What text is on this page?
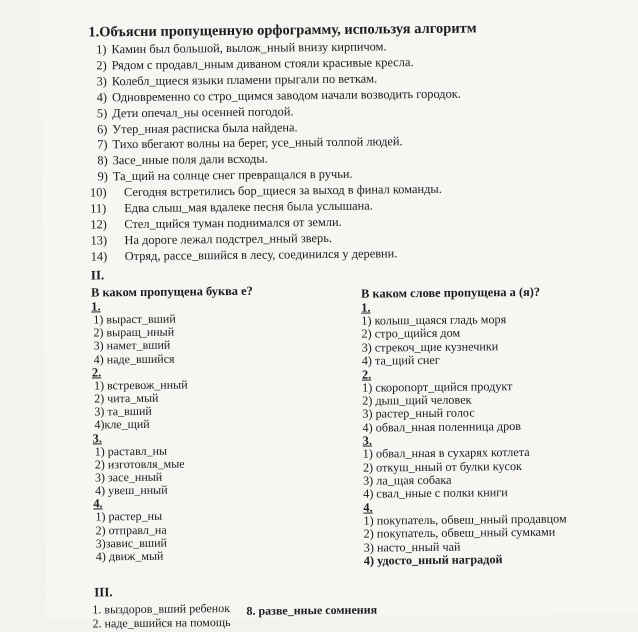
1.Объясни пропущенную орфограмму, используя алгоритм
1) Камин был большой, вылож_нный внизу кирпичом.
2) Рядом с продавл_нным диваном стояли красивые кресла.
3) Колебл_щиеся языки пламени прыгали по веткам.
4) Одновременно со стро_щимся заводом начали возводить городок.
5) Дети опечал_ны осенней погодой.
6) Утер_нная расписка была найдена.
7) Тихо вбегают волны на берег, усе_нный толпой людей.
8) Засе_нные поля дали всходы.
9) Та_щий на солнце снег превращался в ручьи.
10) Сегодня встретились бор_щиеся за выход в финал команды.
11) Едва слыш_мая вдалеке песня была услышана.
12) Стел_щийся туман поднимался от земли.
13) На дороге лежал подстрел_нный зверь.
14) Отряд, рассе_вшийся в лесу, соединился у деревни.
II.
В каком пропущена буква е?	В каком слове пропущена а (я)?
1.
1) выраст_вший
2) выращ_нный
3) намет_вший
4) наде_вшийся
2.
1) встревож_нный
2) чита_мый
3) та_вший
4)кле_щий
3.
1) раставл_ны
2) изготовля_мые
3) засе_нный
4) увеш_нный
4.
1) растер_ны
2) отправл_на
3)завис_вший
4) движ_мый
1.
1) колыш_щаяся гладь моря
2) стро_щийся дом
3) стрекоч_щие кузнечики
4) та_щий снег
2.
1) скоропорт_щийся продукт
2) дыш_щий человек
3) растер_нный голос
4) обвал_нная поленница дров
3.
1) обвал_нная в сухарях котлета
2) откуш_нный от булки кусок
3) ла_щая собака
4) свал_нные с полки книги
4.
1) покупатель, обвеш_нный продавцом
2) покупатель, обвеш_нный сумками
3) насто_нный чай
4) удосто_нный наградой
III.
1. выздоров_вший ребенок 8. разве_нные сомнения
2. наде_вшийся на помощь
